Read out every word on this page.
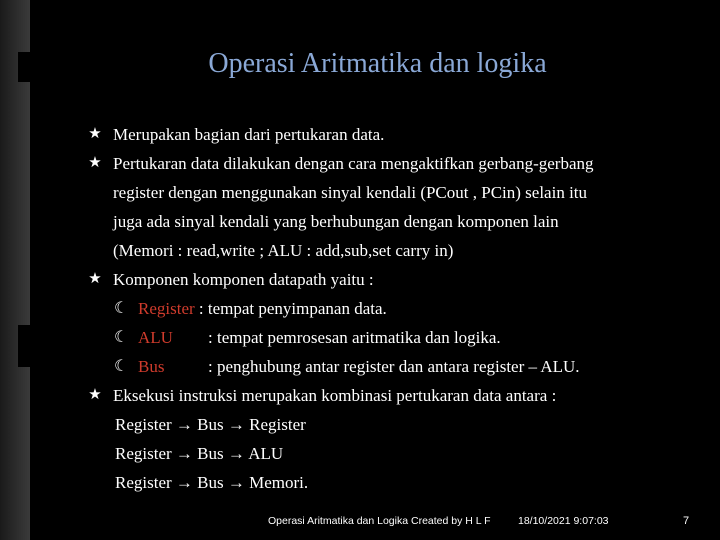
Operasi Aritmatika dan logika
★ Merupakan bagian dari pertukaran data.
★ Pertukaran data dilakukan dengan cara mengaktifkan gerbang-gerbang
register dengan menggunakan sinyal kendali (PCout , PCin) selain itu
juga ada sinyal kendali yang berhubungan dengan komponen lain
(Memori : read,write ; ALU : add,sub,set carry in)
★ Komponen komponen datapath yaitu :
☾ Register : tempat penyimpanan data.
☾ ALU : tempat pemrosesan aritmatika dan logika.
☾ Bus	: penghubung antar register dan antara register – ALU.
★ Eksekusi instruksi merupakan kombinasi pertukaran data antara :
Register → Bus → Register
Register → Bus → ALU
Register → Bus → Memori.
Operasi Aritmatika dan Logika Created by H L F	18/10/2021 9:07:03	7
